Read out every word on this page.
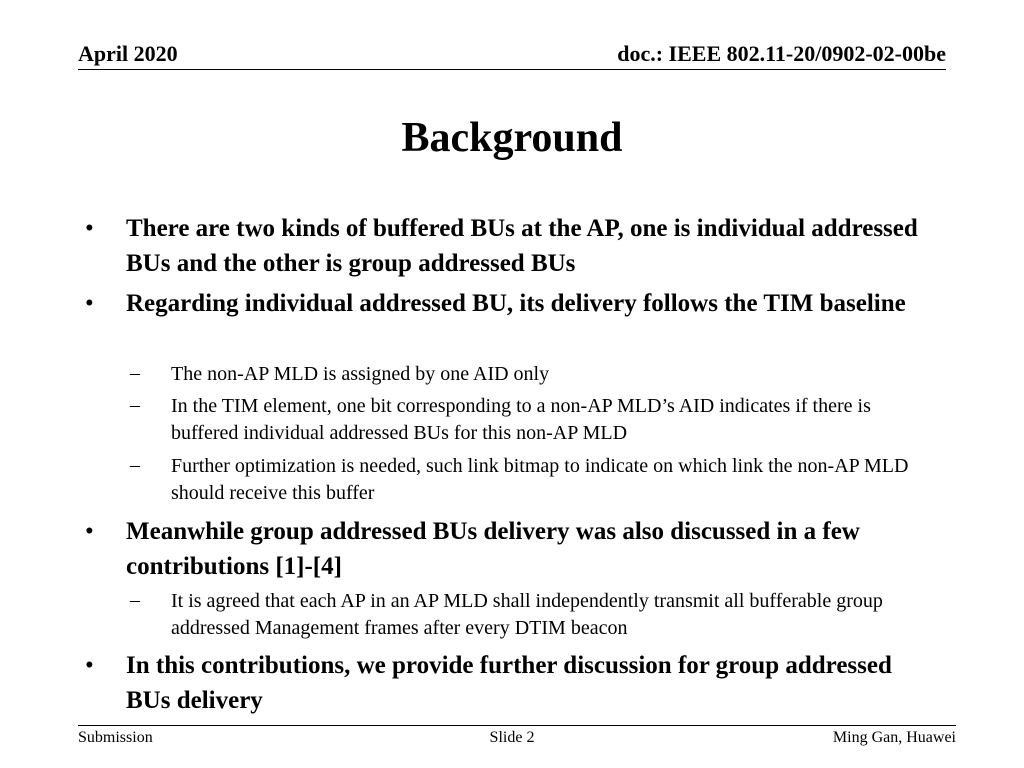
April 2020	doc.: IEEE 802.11-20/0902-02-00be
Background
• There are two kinds of buffered BUs at the AP, one is individual addressed BUs and the other is group addressed BUs
• Regarding individual addressed BU, its delivery follows the TIM baseline
– The non-AP MLD is assigned by one AID only
– In the TIM element, one bit corresponding to a non-AP MLD’s AID indicates if there is buffered individual addressed BUs for this non-AP MLD
– Further optimization is needed, such link bitmap to indicate on which link the non-AP MLD should receive this buffer
• Meanwhile group addressed BUs delivery was also discussed in a few contributions [1]-[4]
– It is agreed that each AP in an AP MLD shall independently transmit all bufferable group addressed Management frames after every DTIM beacon
• In this contributions, we provide further discussion for group addressed BUs delivery
Submission	Slide 2	Ming Gan, Huawei
